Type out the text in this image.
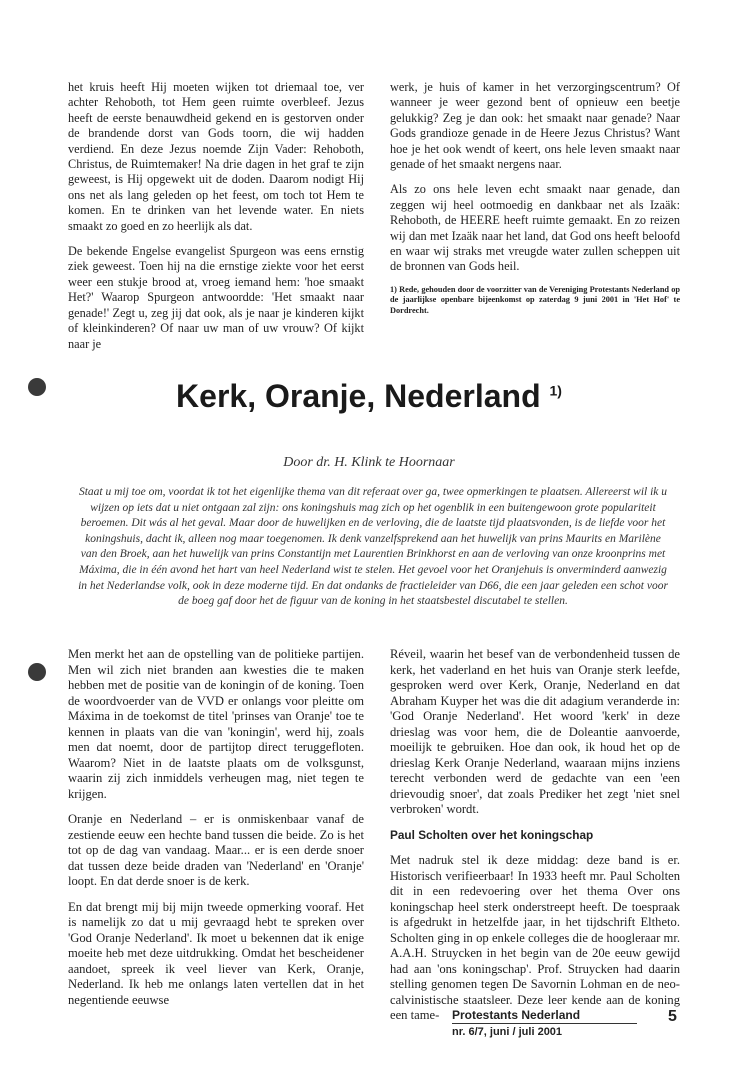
het kruis heeft Hij moeten wijken tot driemaal toe, ver achter Rehoboth, tot Hem geen ruimte overbleef. Jezus heeft de eerste benauwdheid gekend en is gestorven onder de brandende dorst van Gods toorn, die wij hadden verdiend. En deze Jezus noemde Zijn Vader: Rehoboth, Christus, de Ruimtemaker! Na drie dagen in het graf te zijn geweest, is Hij opgewekt uit de doden. Daarom nodigt Hij ons net als lang geleden op het feest, om toch tot Hem te komen. En te drinken van het levende water. En niets smaakt zo goed en zo heerlijk als dat.

De bekende Engelse evangelist Spurgeon was eens ernstig ziek geweest. Toen hij na die ernstige ziekte voor het eerst weer een stukje brood at, vroeg iemand hem: 'hoe smaakt Het?' Waarop Spurgeon antwoordde: 'Het smaakt naar genade!' Zegt u, zeg jij dat ook, als je naar je kinderen kijkt of kleinkinderen? Of naar uw man of uw vrouw? Of kijkt naar je

werk, je huis of kamer in het verzorgingscentrum? Of wanneer je weer gezond bent of opnieuw een beetje gelukkig? Zeg je dan ook: het smaakt naar genade? Naar Gods grandioze genade in de Heere Jezus Christus? Want hoe je het ook wendt of keert, ons hele leven smaakt naar genade of het smaakt nergens naar.

Als zo ons hele leven echt smaakt naar genade, dan zeggen wij heel ootmoedig en dankbaar net als Izaäk: Rehoboth, de HEERE heeft ruimte gemaakt. En zo reizen wij dan met Izaäk naar het land, dat God ons heeft beloofd en waar wij straks met vreugde water zullen scheppen uit de bronnen van Gods heil.

1) Rede, gehouden door de voorzitter van de Vereniging Protestants Nederland op de jaarlijkse openbare bijeenkomst op zaterdag 9 juni 2001 in 'Het Hof' te Dordrecht.

Kerk, Oranje, Nederland $^{1)}$
Door dr. H. Klink te Hoornaar
Staat u mij toe om, voordat ik tot het eigenlijke thema van dit referaat over ga, twee opmerkingen te plaatsen. Allereerst wil ik u wijzen op iets dat u niet ontgaan zal zijn: ons koningshuis mag zich op het ogenblik in een buitengewoon grote populariteit beroemen. Dit wás al het geval. Maar door de huwelijken en de verloving, die de laatste tijd plaatsvonden, is de liefde voor het koningshuis, dacht ik, alleen nog maar toegenomen. Ik denk vanzelfsprekend aan het huwelijk van prins Maurits en Marilène van den Broek, aan het huwelijk van prins Constantijn met Laurentien Brinkhorst en aan de verloving van onze kroonprins met Máxima, die in één avond het hart van heel Nederland wist te stelen. Het gevoel voor het Oranjehuis is onverminderd aanwezig in het Nederlandse volk, ook in deze moderne tijd. En dat ondanks de fractieleider van D66, die een jaar geleden een schot voor de boeg gaf door het de figuur van de koning in het staatsbestel discutabel te stellen.

Men merkt het aan de opstelling van de politieke partijen. Men wil zich niet branden aan kwesties die te maken hebben met de positie van de koningin of de koning. Toen de woordvoerder van de VVD er onlangs voor pleitte om Máxima in de toekomst de titel 'prinses van Oranje' toe te kennen in plaats van die van 'koningin', werd hij, zoals men dat noemt, door de partijtop direct teruggefloten. Waarom? Niet in de laatste plaats om de volksgunst, waarin zij zich inmiddels verheugen mag, niet tegen te krijgen.

Oranje en Nederland – er is onmiskenbaar vanaf de zestiende eeuw een hechte band tussen die beide. Zo is het tot op de dag van vandaag. Maar... er is een derde snoer dat tussen deze beide draden van 'Nederland' en 'Oranje' loopt. En dat derde snoer is de kerk.

En dat brengt mij bij mijn tweede opmerking vooraf. Het is namelijk zo dat u mij gevraagd hebt te spreken over 'God Oranje Nederland'. Ik moet u bekennen dat ik enige moeite heb met deze uitdrukking. Omdat het bescheidener aandoet, spreek ik veel liever van Kerk, Oranje, Nederland. Ik heb me onlangs laten vertellen dat in het negentiende eeuwse

Réveil, waarin het besef van de verbondenheid tussen de kerk, het vaderland en het huis van Oranje sterk leefde, gesproken werd over Kerk, Oranje, Nederland en dat Abraham Kuyper het was die dit adagium veranderde in: 'God Oranje Nederland'. Het woord 'kerk' in deze drieslag was voor hem, die de Doleantie aanvoerde, moeilijk te gebruiken. Hoe dan ook, ik houd het op de drieslag Kerk Oranje Nederland, waaraan mijns inziens terecht verbonden werd de gedachte van een 'een drievoudig snoer', dat zoals Prediker het zegt 'niet snel verbroken' wordt.

Paul Scholten over het koningschap

Met nadruk stel ik deze middag: deze band is er. Historisch verifieerbaar! In 1933 heeft mr. Paul Scholten dit in een redevoering over het thema Over ons koningschap heel sterk onderstreept heeft. De toespraak is afgedrukt in hetzelfde jaar, in het tijdschrift Eltheto. Scholten ging in op enkele colleges die de hoogleraar mr. A.A.H. Struycken in het begin van de 20e eeuw gewijd had aan 'ons koningschap'. Prof. Struycken had daarin stelling genomen tegen De Savornin Lohman en de neo-calvinistische staatsleer. Deze leer kende aan de koning een tame-	Protestants Nederland
nr. 6/7, juni / juli 2001
5
